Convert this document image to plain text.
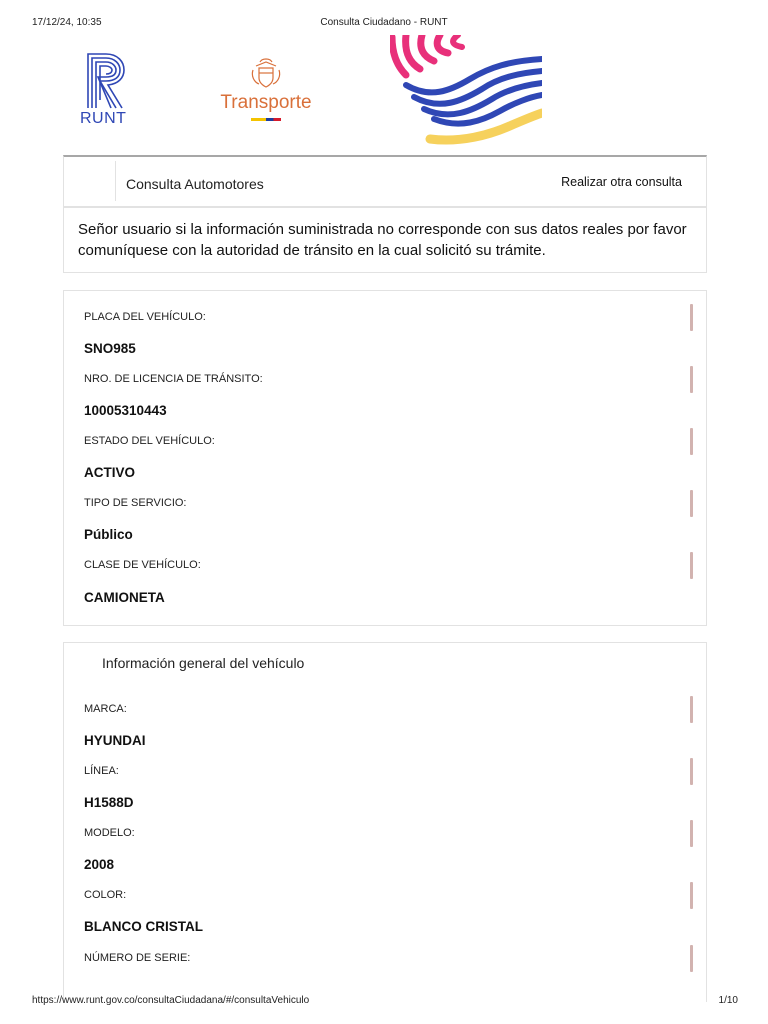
17/12/24, 10:35	Consulta Ciudadano - RUNT
RUNT
Transporte
Consulta Automotores	Realizar otra consulta

Señor usuario si la información suministrada no corresponde con sus datos reales por favor comuníquese con la autoridad de tránsito en la cual solicitó su trámite.

PLACA DEL VEHÍCULO:
SNO985
NRO. DE LICENCIA DE TRÁNSITO:
10005310443
ESTADO DEL VEHÍCULO:
ACTIVO
TIPO DE SERVICIO:
Público
CLASE DE VEHÍCULO:
CAMIONETA
Información general del vehículo
MARCA:
HYUNDAI
LÍNEA:
H1588D
MODELO:
2008
COLOR:
BLANCO CRISTAL
NÚMERO DE SERIE:
https://www.runt.gov.co/consultaCiudadana/#/consultaVehiculo	1/10
